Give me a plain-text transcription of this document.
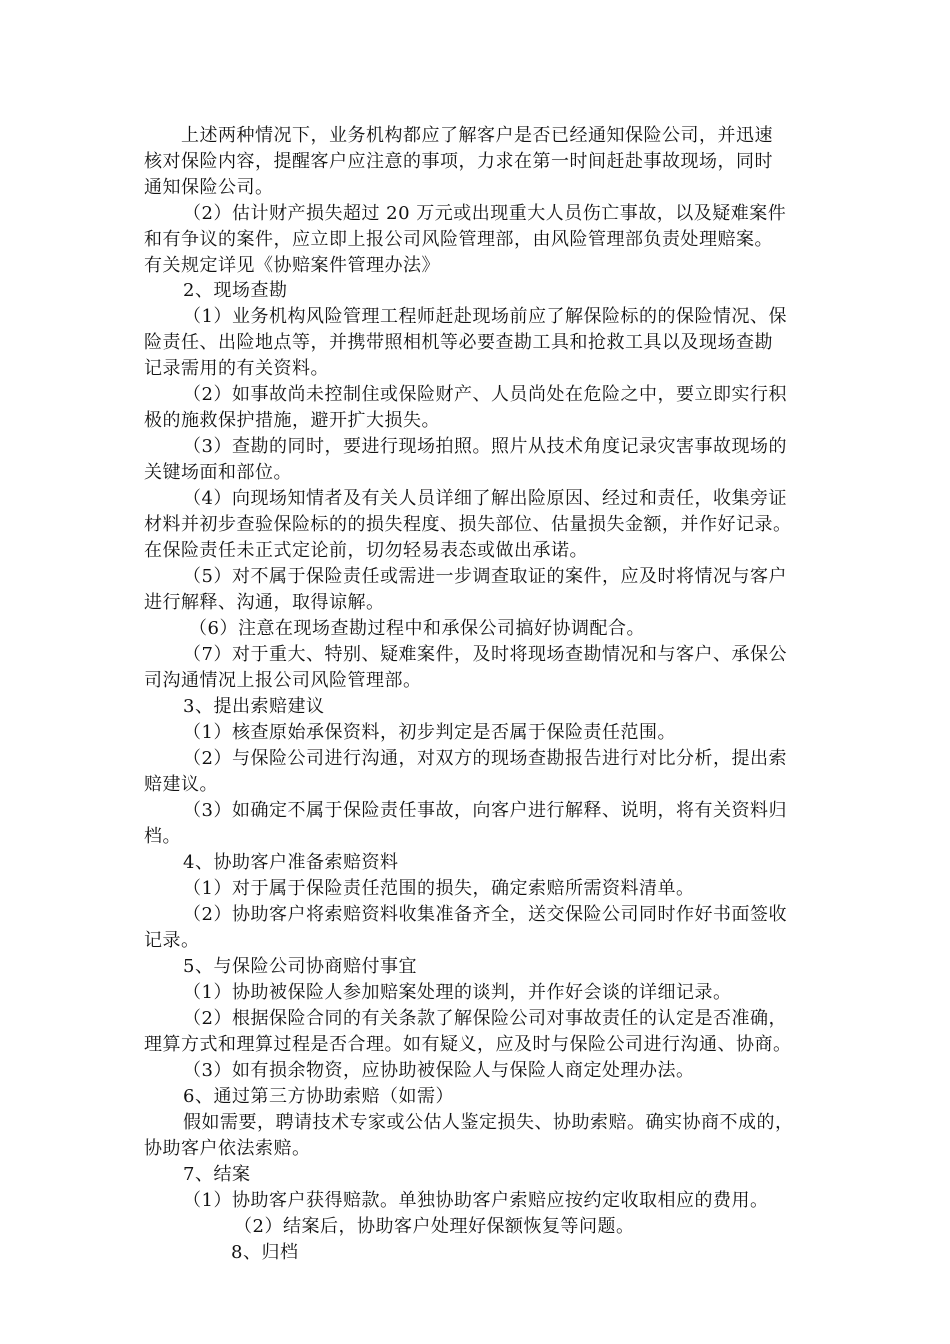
上述两种情况下，业务机构都应了解客户是否已经通知保险公司，并迅速
核对保险内容，提醒客户应注意的事项，力求在第一时间赶赴事故现场，同时
通知保险公司。
（2）估计财产损失超过 20 万元或出现重大人员伤亡事故，以及疑难案件
和有争议的案件，应立即上报公司风险管理部，由风险管理部负责处理赔案。
有关规定详见《协赔案件管理办法》
2、现场查勘
（1）业务机构风险管理工程师赶赴现场前应了解保险标的的保险情况、保
险责任、出险地点等，并携带照相机等必要查勘工具和抢救工具以及现场查勘
记录需用的有关资料。
（2）如事故尚未控制住或保险财产、人员尚处在危险之中，要立即实行积
极的施救保护措施，避开扩大损失。
（3）查勘的同时，要进行现场拍照。照片从技术角度记录灾害事故现场的
关键场面和部位。
（4）向现场知情者及有关人员详细了解出险原因、经过和责任，收集旁证
材料并初步查验保险标的的损失程度、损失部位、估量损失金额，并作好记录。
在保险责任未正式定论前，切勿轻易表态或做出承诺。
（5）对不属于保险责任或需进一步调查取证的案件，应及时将情况与客户
进行解释、沟通，取得谅解。
（6）注意在现场查勘过程中和承保公司搞好协调配合。
（7）对于重大、特别、疑难案件，及时将现场查勘情况和与客户、承保公
司沟通情况上报公司风险管理部。
3、提出索赔建议
（1）核查原始承保资料，初步判定是否属于保险责任范围。
（2）与保险公司进行沟通，对双方的现场查勘报告进行对比分析，提出索
赔建议。
（3）如确定不属于保险责任事故，向客户进行解释、说明，将有关资料归
档。
4、协助客户准备索赔资料
（1）对于属于保险责任范围的损失，确定索赔所需资料清单。
（2）协助客户将索赔资料收集准备齐全，送交保险公司同时作好书面签收
记录。
5、与保险公司协商赔付事宜
（1）协助被保险人参加赔案处理的谈判，并作好会谈的详细记录。
（2）根据保险合同的有关条款了解保险公司对事故责任的认定是否准确，
理算方式和理算过程是否合理。如有疑义，应及时与保险公司进行沟通、协商。
（3）如有损余物资，应协助被保险人与保险人商定处理办法。
6、通过第三方协助索赔（如需）
假如需要，聘请技术专家或公估人鉴定损失、协助索赔。确实协商不成的，
协助客户依法索赔。
7、结案
（1）协助客户获得赔款。单独协助客户索赔应按约定收取相应的费用。
（2）结案后，协助客户处理好保额恢复等问题。
8、归档
